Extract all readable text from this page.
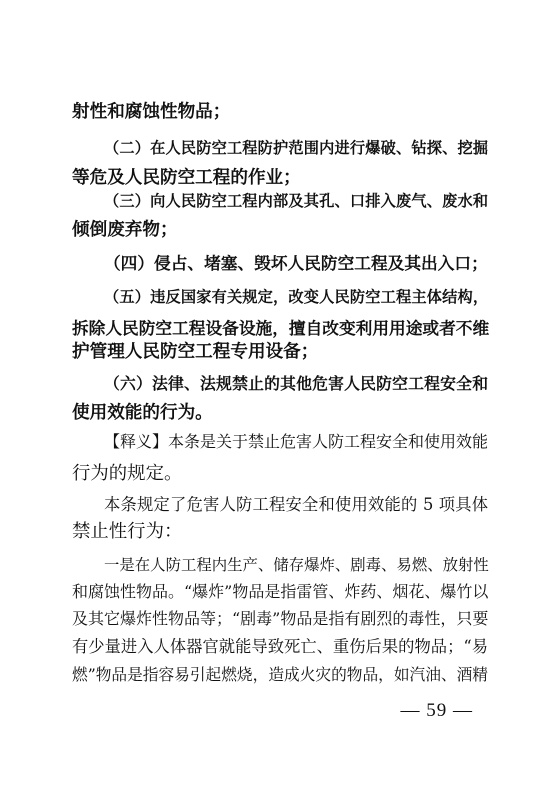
射性和腐蚀性物品；
（二）在人民防空工程防护范围内进行爆破、钻探、挖掘
等危及人民防空工程的作业；
（三）向人民防空工程内部及其孔、口排入废气、废水和
倾倒废弃物；
（四）侵占、堵塞、毁坏人民防空工程及其出入口；
（五）违反国家有关规定，改变人民防空工程主体结构，
拆除人民防空工程设备设施，擅自改变利用用途或者不维
护管理人民防空工程专用设备；
（六）法律、法规禁止的其他危害人民防空工程安全和
使用效能的行为。
【释义】本条是关于禁止危害人防工程安全和使用效能
行为的规定。
本条规定了危害人防工程安全和使用效能的 5 项具体
禁止性行为：
一是在人防工程内生产、储存爆炸、剧毒、易燃、放射性
和腐蚀性物品。“爆炸”物品是指雷管、炸药、烟花、爆竹以
及其它爆炸性物品等；“剧毒”物品是指有剧烈的毒性，只要
有少量进入人体器官就能导致死亡、重伤后果的物品；“易
燃”物品是指容易引起燃烧，造成火灾的物品，如汽油、酒精
— 59 —
